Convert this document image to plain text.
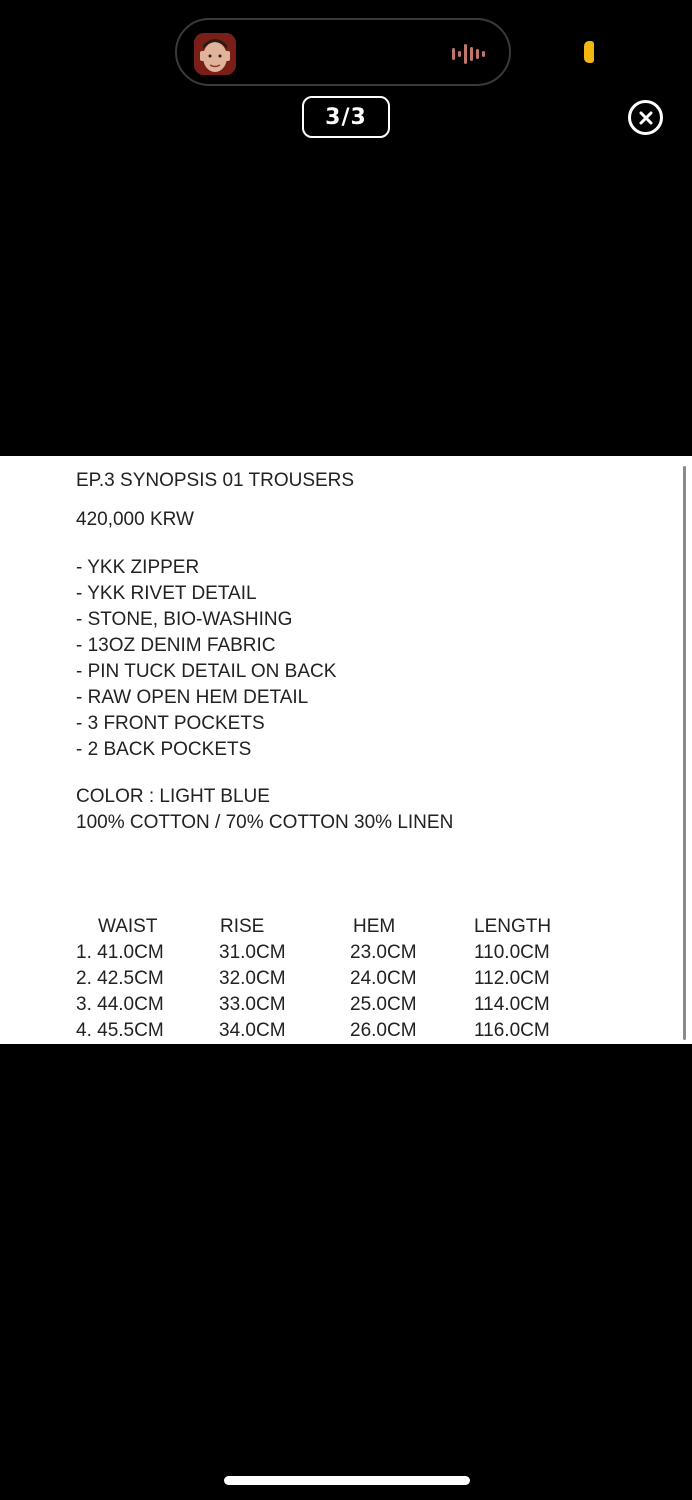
3/3
EP.3 SYNOPSIS 01 TROUSERS
420,000 KRW
- YKK ZIPPER
- YKK RIVET DETAIL
- STONE, BIO-WASHING
- 13OZ DENIM FABRIC
- PIN TUCK DETAIL ON BACK
- RAW OPEN HEM DETAIL
- 3 FRONT POCKETS
- 2 BACK POCKETS
COLOR : LIGHT BLUE
100% COTTON / 70% COTTON 30% LINEN
WAIST	RISE	HEM	LENGTH
1. 41.0CM	31.0CM	23.0CM	110.0CM
2. 42.5CM	32.0CM	24.0CM	112.0CM
3. 44.0CM	33.0CM	25.0CM	114.0CM
4. 45.5CM	34.0CM	26.0CM	116.0CM
